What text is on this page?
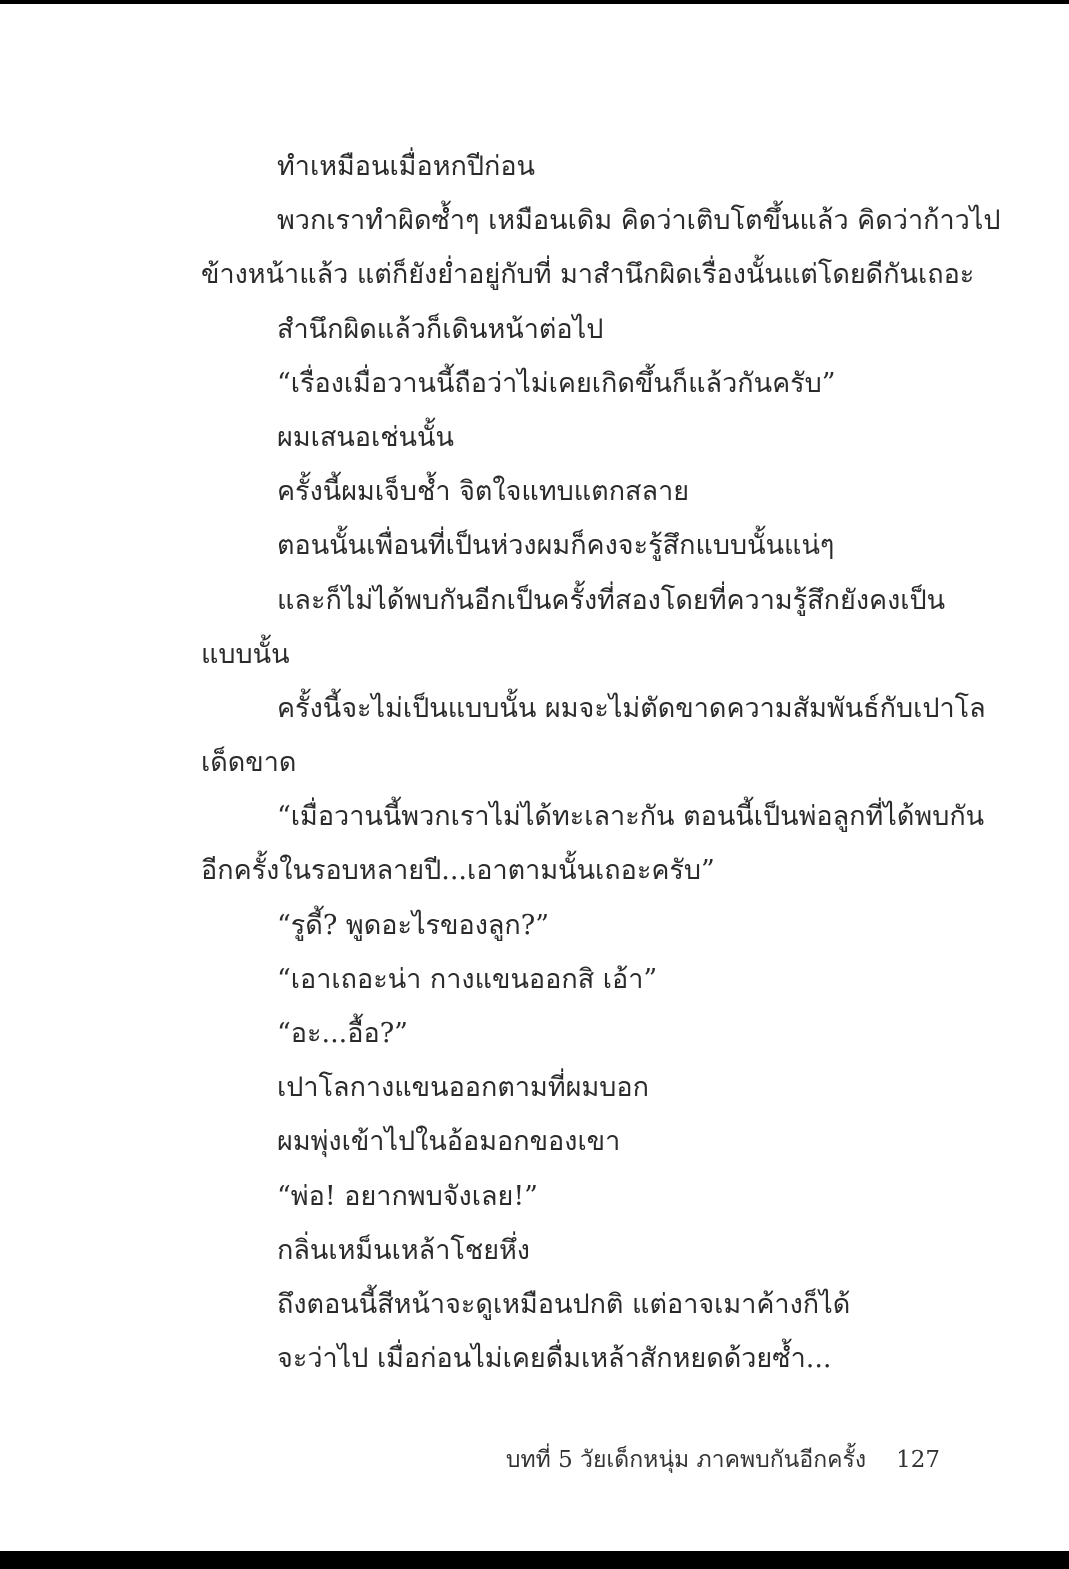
ทำเหมือนเมื่อหกปีก่อน
พวกเราทำผิดซ้ำๆ เหมือนเดิม คิดว่าเติบโตขึ้นแล้ว คิดว่าก้าวไป
ข้างหน้าแล้ว แต่ก็ยังย่ำอยู่กับที่ มาสำนึกผิดเรื่องนั้นแต่โดยดีกันเถอะ
สำนึกผิดแล้วก็เดินหน้าต่อไป
“เรื่องเมื่อวานนี้ถือว่าไม่เคยเกิดขึ้นก็แล้วกันครับ”
ผมเสนอเช่นนั้น
ครั้งนี้ผมเจ็บช้ำ จิตใจแทบแตกสลาย
ตอนนั้นเพื่อนที่เป็นห่วงผมก็คงจะรู้สึกแบบนั้นแน่ๆ
และก็ไม่ได้พบกันอีกเป็นครั้งที่สองโดยที่ความรู้สึกยังคงเป็น
แบบนั้น
ครั้งนี้จะไม่เป็นแบบนั้น ผมจะไม่ตัดขาดความสัมพันธ์กับเปาโล
เด็ดขาด
“เมื่อวานนี้พวกเราไม่ได้ทะเลาะกัน ตอนนี้เป็นพ่อลูกที่ได้พบกัน
อีกครั้งในรอบหลายปี...เอาตามนั้นเถอะครับ”
“รูดี้? พูดอะไรของลูก?”
“เอาเถอะน่า กางแขนออกสิ เอ้า”
“อะ...อื้อ?”
เปาโลกางแขนออกตามที่ผมบอก
ผมพุ่งเข้าไปในอ้อมอกของเขา
“พ่อ! อยากพบจังเลย!”
กลิ่นเหม็นเหล้าโชยหึ่ง
ถึงตอนนี้สีหน้าจะดูเหมือนปกติ แต่อาจเมาค้างก็ได้
จะว่าไป เมื่อก่อนไม่เคยดื่มเหล้าสักหยดด้วยซ้ำ...
บทที่ 5 วัยเด็กหนุ่ม ภาคพบกันอีกครั้ง 127
